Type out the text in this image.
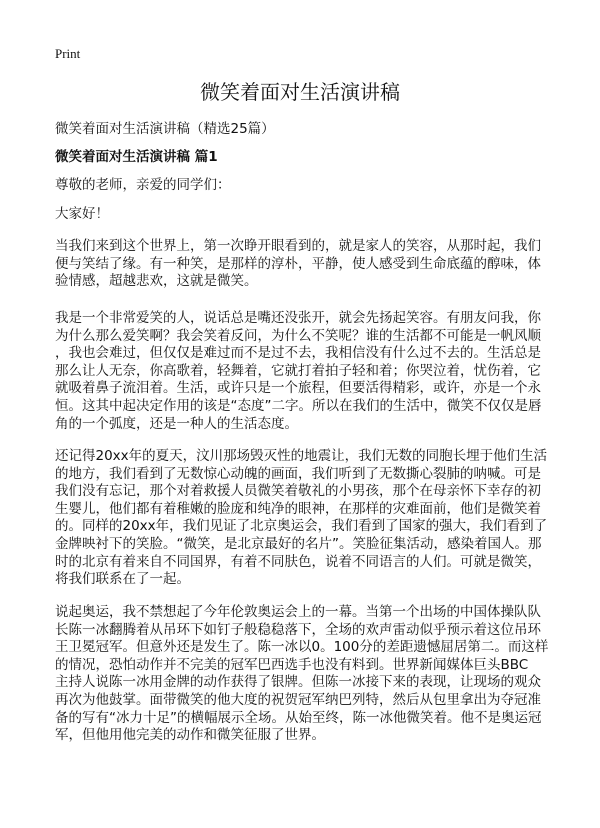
Print
微笑着面对生活演讲稿
微笑着面对生活演讲稿（精选25篇）
微笑着面对生活演讲稿 篇1
尊敬的老师，亲爱的同学们：
大家好！
当我们来到这个世界上，第一次睁开眼看到的，就是家人的笑容，从那时起，我们
便与笑结了缘。有一种笑，是那样的淳朴，平静，使人感受到生命底蕴的醇味，体
验情感，超越悲欢，这就是微笑。
我是一个非常爱笑的人，说话总是嘴还没张开，就会先扬起笑容。有朋友问我，你
为什么那么爱笑啊？我会笑着反问，为什么不笑呢？谁的生活都不可能是一帆风顺
，我也会难过，但仅仅是难过而不是过不去，我相信没有什么过不去的。生活总是
那么让人无奈，你高歌着，轻舞着，它就打着拍子轻和着；你哭泣着，忧伤着，它
就吸着鼻子流泪着。生活，或许只是一个旅程，但要活得精彩，或许，亦是一个永
恒。这其中起决定作用的该是“态度”二字。所以在我们的生活中，微笑不仅仅是唇
角的一个弧度，还是一种人的生活态度。
还记得20xx年的夏天，汶川那场毁灭性的地震让，我们无数的同胞长埋于他们生活
的地方，我们看到了无数惊心动魄的画面，我们听到了无数撕心裂肺的呐喊。可是
我们没有忘记，那个对着救援人员微笑着敬礼的小男孩，那个在母亲怀下幸存的初
生婴儿，他们都有着稚嫩的脸庞和纯净的眼神，在那样的灾难面前，他们是微笑着
的。同样的20xx年，我们见证了北京奥运会，我们看到了国家的强大，我们看到了
金牌映衬下的笑脸。“微笑，是北京最好的名片”。笑脸征集活动，感染着国人。那
时的北京有着来自不同国界，有着不同肤色，说着不同语言的人们。可就是微笑，
将我们联系在了一起。
说起奥运，我不禁想起了今年伦敦奥运会上的一幕。当第一个出场的中国体操队队
长陈一冰翻腾着从吊环下如钉子般稳稳落下，全场的欢声雷动似乎预示着这位吊环
王卫冕冠军。但意外还是发生了。陈一冰以0。100分的差距遗憾屈居第二。而这样
的情况，恐怕动作并不完美的冠军巴西选手也没有料到。世界新闻媒体巨头BBC
主持人说陈一冰用金牌的动作获得了银牌。但陈一冰接下来的表现，让现场的观众
再次为他鼓掌。面带微笑的他大度的祝贺冠军纳巴列特，然后从包里拿出为夺冠准
备的写有“冰力十足”的横幅展示全场。从始至终，陈一冰他微笑着。他不是奥运冠
军，但他用他完美的动作和微笑征服了世界。
